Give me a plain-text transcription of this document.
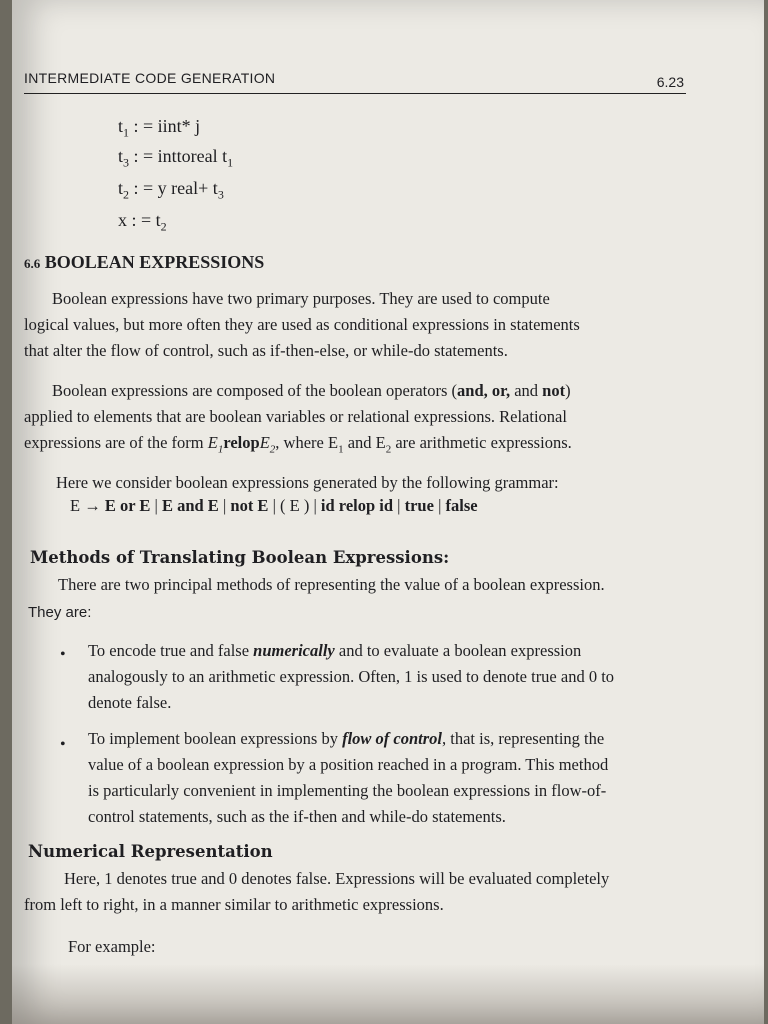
INTERMEDIATE CODE GENERATION	6.23
$t_1$ : = iint* j
$t_3$ : = inttoreal $t_1$
$t_2$ : = y real+ $t_3$
x : = $t_2$
6.6 BOOLEAN EXPRESSIONS
Boolean expressions have two primary purposes. They are used to compute
logical values, but more often they are used as conditional expressions in statements
that alter the flow of control, such as if-then-else, or while-do statements.
Boolean expressions are composed of the boolean operators (and, or, and not)
applied to elements that are boolean variables or relational expressions. Relational
expressions are of the form $E_1relopE_2$, where $E_1$ and $E_2$ are arithmetic expressions.
Here we consider boolean expressions generated by the following grammar:
E → E or E | E and E | not E | ( E ) | id relop id | true | false
Methods of Translating Boolean Expressions:
There are two principal methods of representing the value of a boolean expression.
They are:
• To encode true and false numerically and to evaluate a boolean expression
analogously to an arithmetic expression. Often, 1 is used to denote true and 0 to
denote false.
• To implement boolean expressions by flow of control, that is, representing the
value of a boolean expression by a position reached in a program. This method
is particularly convenient in implementing the boolean expressions in flow-of-
control statements, such as the if-then and while-do statements.
Numerical Representation
Here, 1 denotes true and 0 denotes false. Expressions will be evaluated completely
from left to right, in a manner similar to arithmetic expressions.
For example:
